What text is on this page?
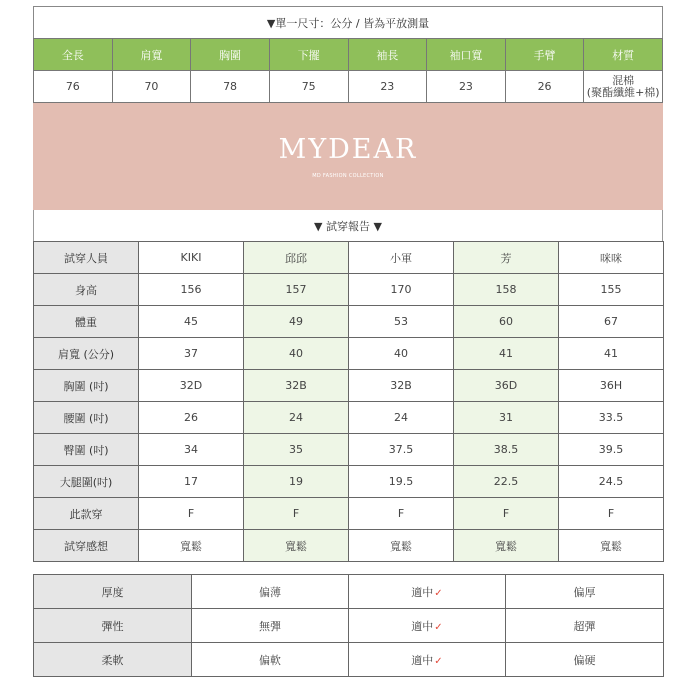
▼單一尺寸：公分 / 皆為平放測量
全長	肩寬	胸圍	下擺	袖長	袖口寬	手臂	材質
76	70	78	75	23	23	26	混棉
(聚酯纖維+棉)
MYDEAR
MD FASHION COLLECTION
▼ 試穿報告 ▼
試穿人員	KIKI	邱邱	小軍	芳	咪咪
身高	156	157	170	158	155
體重	45	49	53	60	67
肩寬 (公分)	37	40	40	41	41
胸圍 (吋)	32D	32B	32B	36D	36H
腰圍 (吋)	26	24	24	31	33.5
臀圍 (吋)	34	35	37.5	38.5	39.5
大腿圍(吋)	17	19	19.5	22.5	24.5
此款穿	F	F	F	F	F
試穿感想	寬鬆	寬鬆	寬鬆	寬鬆	寬鬆
厚度	偏薄	適中✓	偏厚
彈性	無彈	適中✓	超彈
柔軟	偏軟	適中✓	偏硬
